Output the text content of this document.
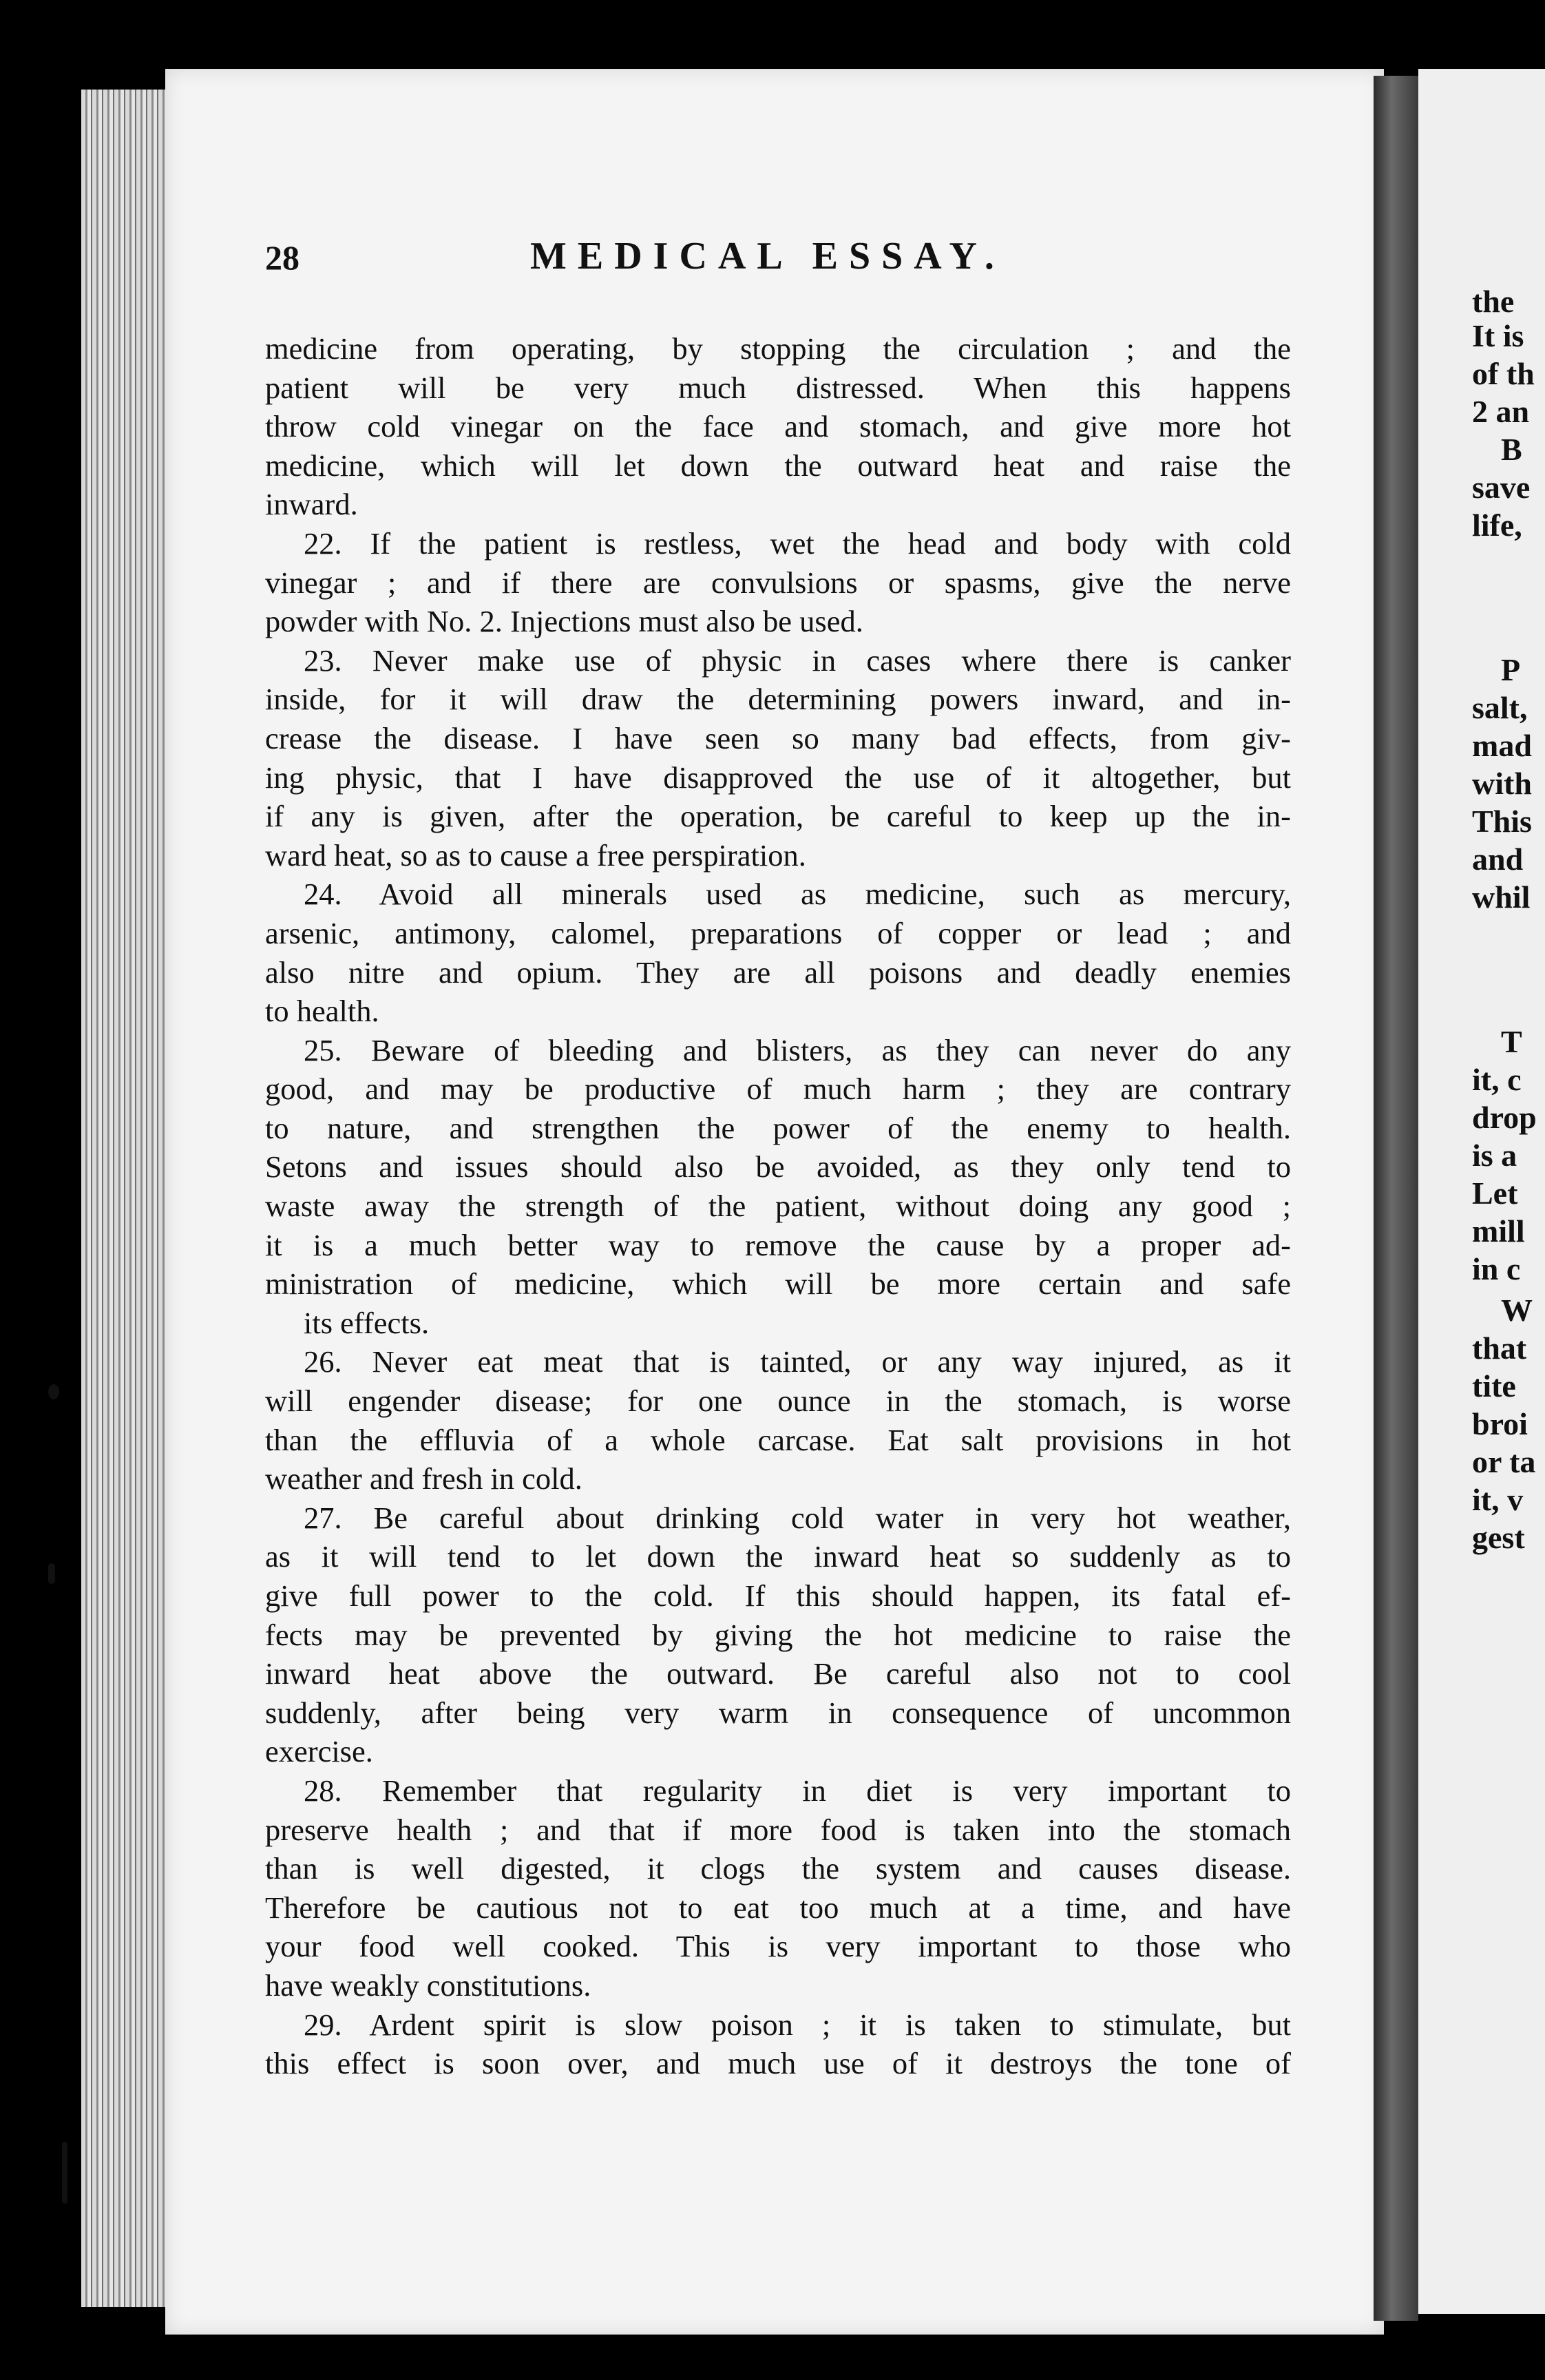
the
It is
of th
2 an
B
save
life,
P
salt,
mad
with
This
and
whil
T
it, c
drop
is a
Let
mill
in c
W
that
tite
broi
or ta
it, v
gest
28	MEDICAL ESSAY.
medicine from operating, by stopping the circulation ; and the
patient will be very much distressed. When this happens
throw cold vinegar on the face and stomach, and give more hot
medicine, which will let down the outward heat and raise the
inward.
22. If the patient is restless, wet the head and body with cold
vinegar ; and if there are convulsions or spasms, give the nerve
powder with No. 2. Injections must also be used.
23. Never make use of physic in cases where there is canker
inside, for it will draw the determining powers inward, and in-
crease the disease. I have seen so many bad effects, from giv-
ing physic, that I have disapproved the use of it altogether, but
if any is given, after the operation, be careful to keep up the in-
ward heat, so as to cause a free perspiration.
24. Avoid all minerals used as medicine, such as mercury,
arsenic, antimony, calomel, preparations of copper or lead ; and
also nitre and opium. They are all poisons and deadly enemies
to health.
25. Beware of bleeding and blisters, as they can never do any
good, and may be productive of much harm ; they are contrary
to nature, and strengthen the power of the enemy to health.
Setons and issues should also be avoided, as they only tend to
waste away the strength of the patient, without doing any good ;
it is a much better way to remove the cause by a proper ad-
ministration of medicine, which will be more certain and safe
its effects.
26. Never eat meat that is tainted, or any way injured, as it
will engender disease; for one ounce in the stomach, is worse
than the effluvia of a whole carcase. Eat salt provisions in hot
weather and fresh in cold.
27. Be careful about drinking cold water in very hot weather,
as it will tend to let down the inward heat so suddenly as to
give full power to the cold. If this should happen, its fatal ef-
fects may be prevented by giving the hot medicine to raise the
inward heat above the outward. Be careful also not to cool
suddenly, after being very warm in consequence of uncommon
exercise.
28. Remember that regularity in diet is very important to
preserve health ; and that if more food is taken into the stomach
than is well digested, it clogs the system and causes disease.
Therefore be cautious not to eat too much at a time, and have
your food well cooked. This is very important to those who
have weakly constitutions.
29. Ardent spirit is slow poison ; it is taken to stimulate, but
this effect is soon over, and much use of it destroys the tone of
